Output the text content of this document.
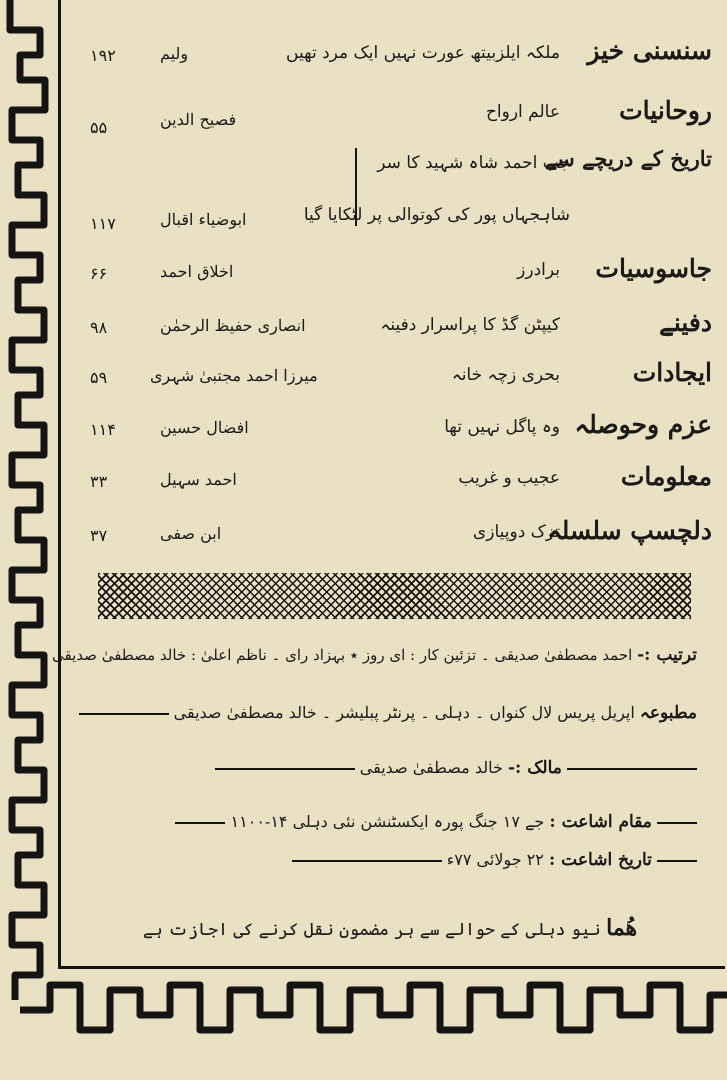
سنسنی خیز
ملکہ ایلزبیتھ عورت نہیں ایک مرد تھیں
ولیم
۱۹۲
روحانیات
عالم ارواح
فصیح الدین
۵۵
تاریخ کے دریچے سے
جب احمد شاہ شہید کا سر
شاہجہاں پور کی کوتوالی پر لٹکایا گیا
ابوضیاء اقبال
۱۱۷
جاسوسیات
برادرز
اخلاق احمد
۶۶
دفینے
کیپٹن گڈ کا پراسرار دفینہ
انصاری حفیظ الرحمٰن
۹۸
ایجادات
بحری زچہ خانہ
میرزا احمد مجتبیٰ شہری
۵۹
عزم وحوصلہ
وہ پاگل نہیں تھا
افضال حسین
۱۱۴
معلومات
عجیب و غریب
احمد سہیل
۳۳
دلچسپ سلسلہ
تزک دوپیازی
ابن صفی
۳۷
ترتیب :- احمد مصطفیٰ صدیقی ۔ تزئین کار : ای روز ٭ بہزاد رای ۔ ناظم اعلیٰ : خالد مصطفیٰ صدیقی
مطبوعہ اپریل پریس لال کنواں ۔ دہلی ۔ پرنٹر پبلیشر ۔ خالد مصطفیٰ صدیقی
مالک :- خالد مصطفیٰ صدیقی
مقام اشاعت : جے ۱۷ جنگ پورہ ایکسٹنشن نئی دہلی ۱۴-۱۱۰۰
تاریخ اشاعت : ۲۲ جولائی ۷۷ء
ھُما نیو دہلی کے حوالے سے ہر مضمون نقل کرنے کی اجازت ہے
